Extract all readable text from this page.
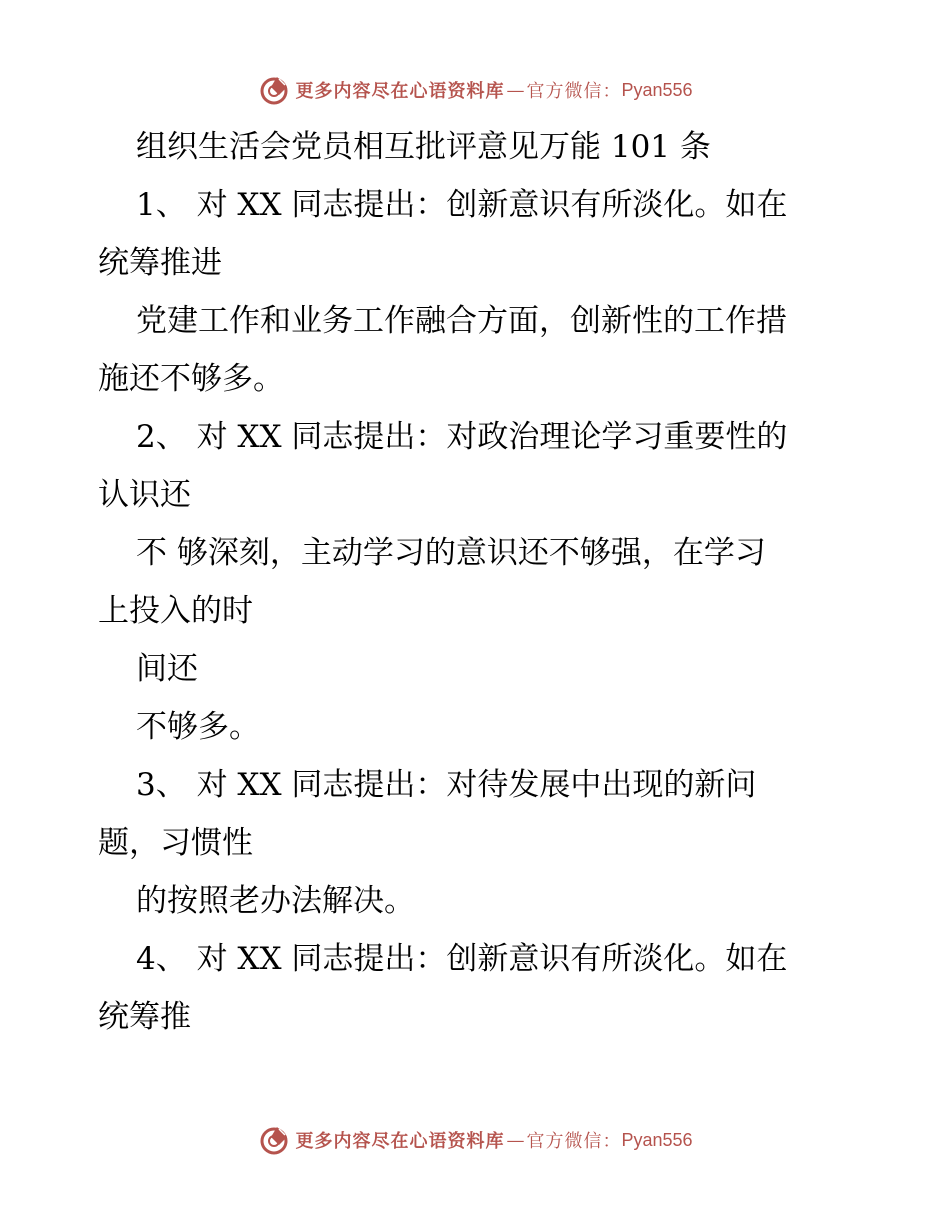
更多内容尽在心语资料库 — 官方微信： Pyan556
组织生活会党员相互批评意见万能 101 条
1、 对 XX 同志提出：创新意识有所淡化。如在
统筹推进
党建工作和业务工作融合方面，创新性的工作措
施还不够多。
2、 对 XX 同志提出：对政治理论学习重要性的
认识还
不 够深刻，主动学习的意识还不够强，在学习
上投入的时
间还
不够多。
3、 对 XX 同志提出：对待发展中出现的新问
题，习惯性
的按照老办法解决。
4、 对 XX 同志提出：创新意识有所淡化。如在
统筹推
更多内容尽在心语资料库 — 官方微信： Pyan556
